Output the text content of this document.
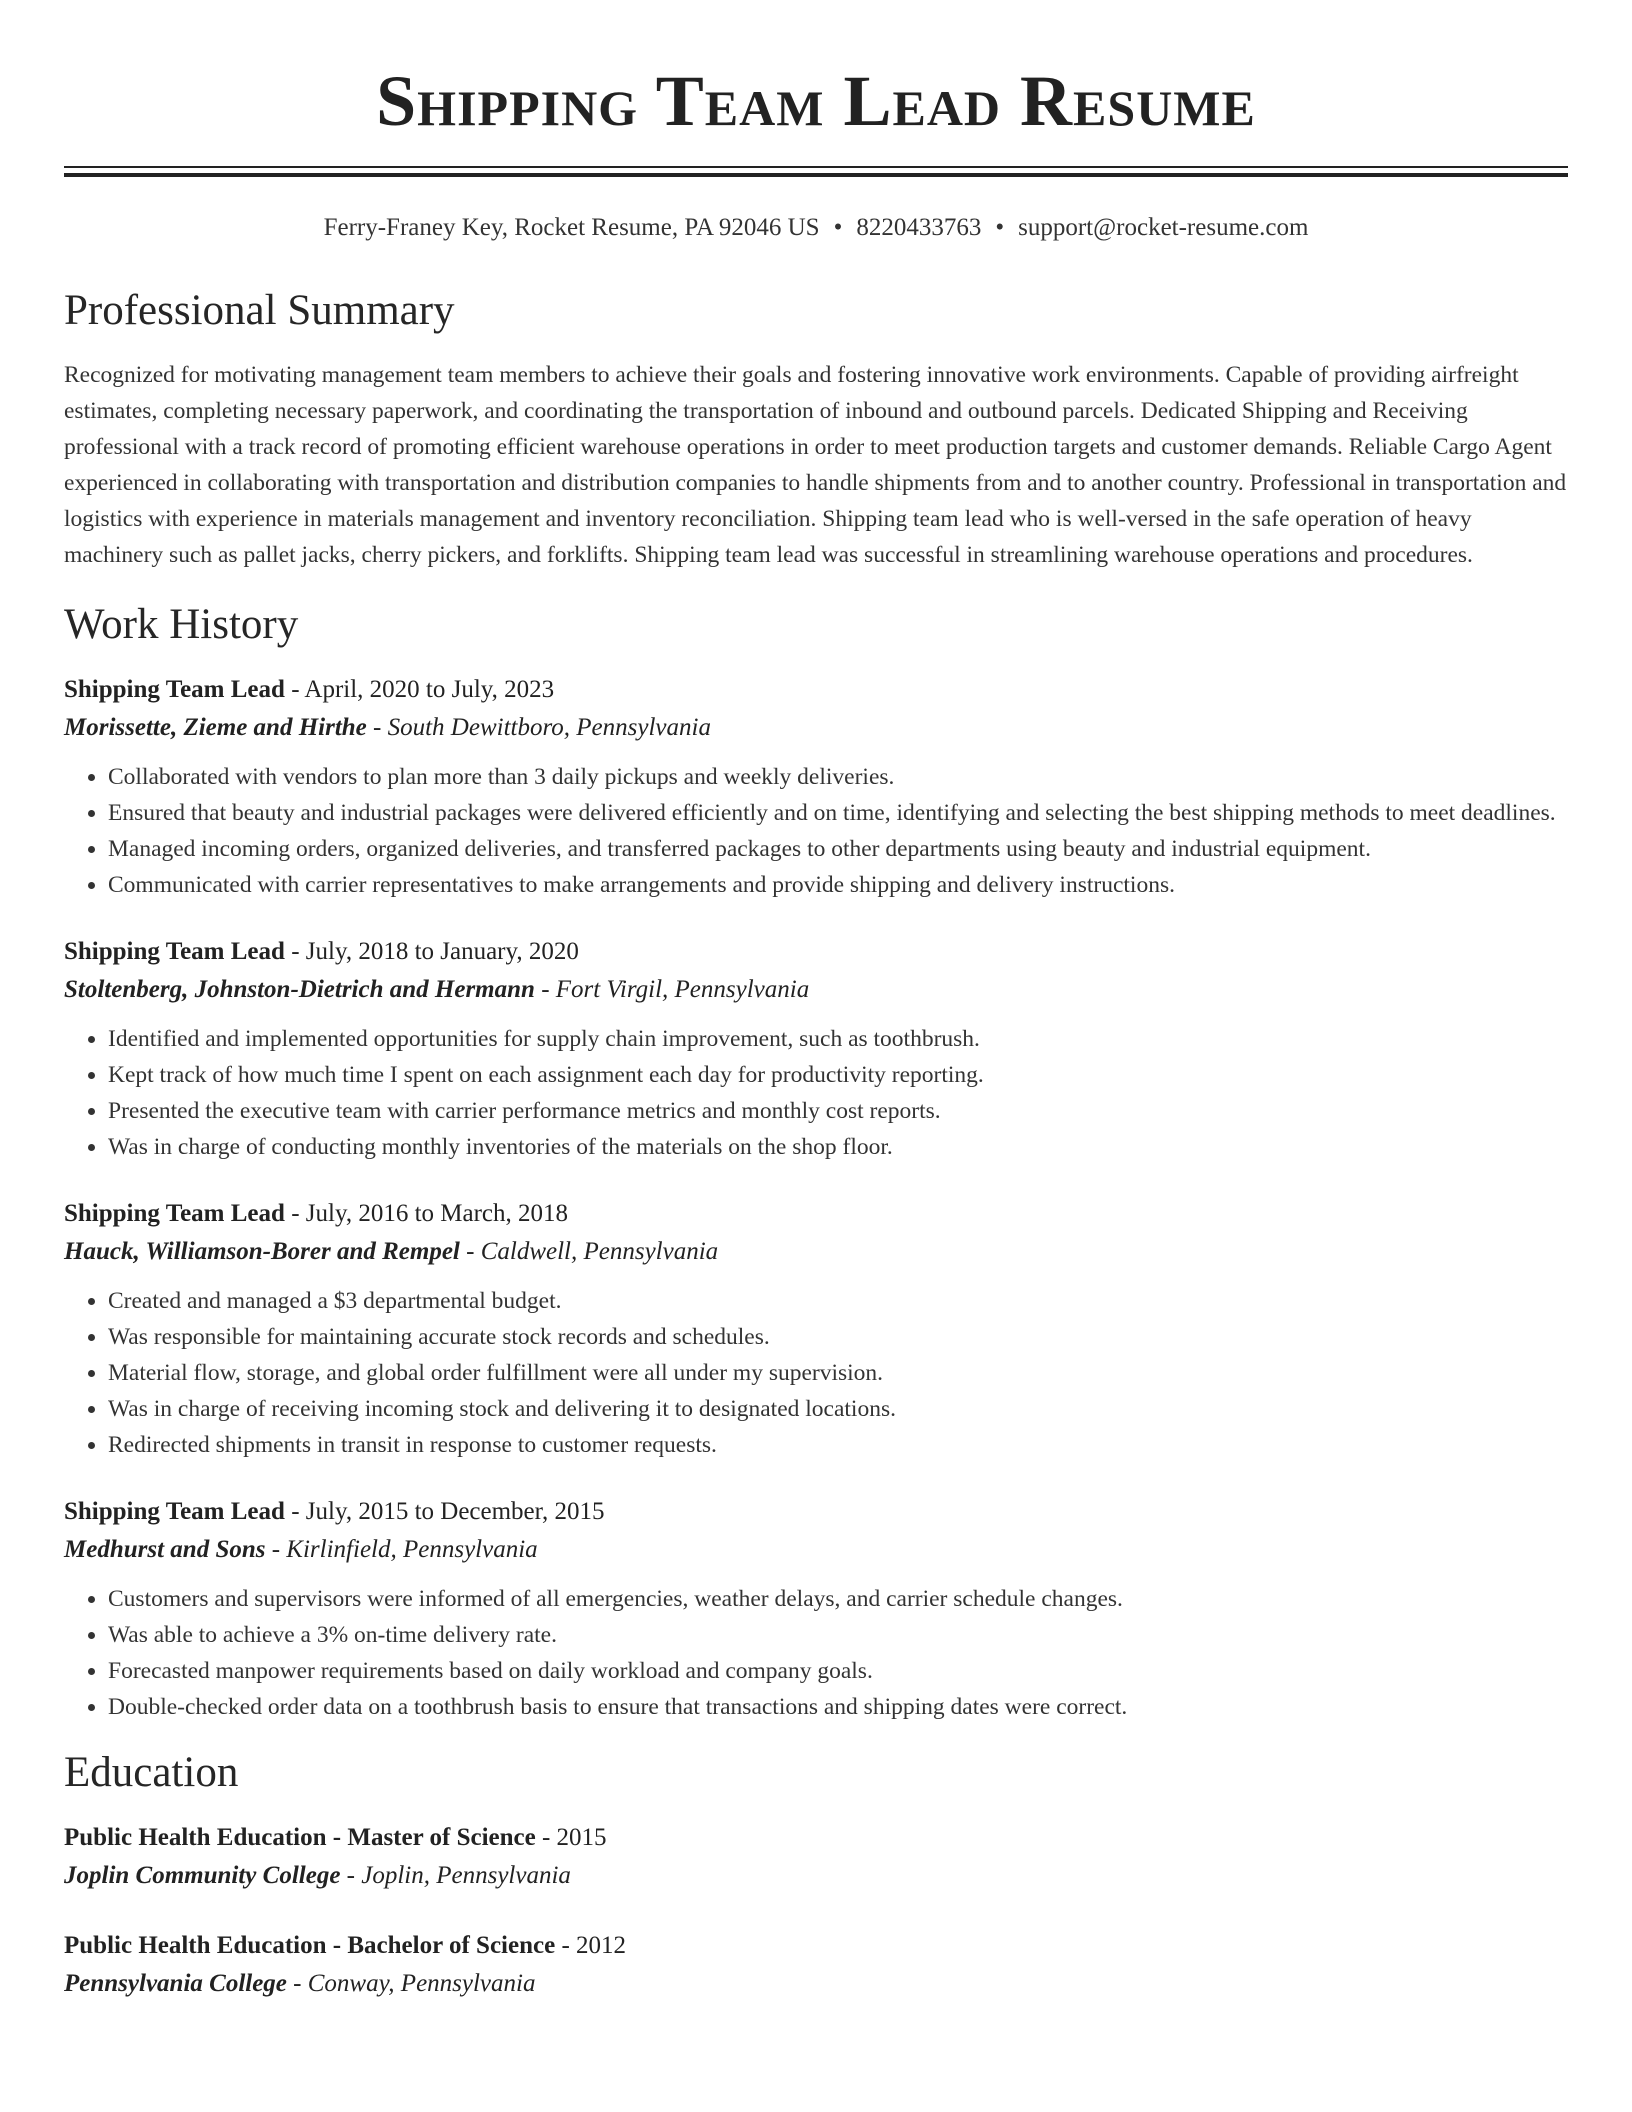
Shipping Team Lead Resume
Ferry-Franey Key, Rocket Resume, PA 92046 US • 8220433763 • support@rocket-resume.com
Professional Summary

Recognized for motivating management team members to achieve their goals and fostering innovative work environments. Capable of providing airfreight estimates, completing necessary paperwork, and coordinating the transportation of inbound and outbound parcels. Dedicated Shipping and Receiving professional with a track record of promoting efficient warehouse operations in order to meet production targets and customer demands. Reliable Cargo Agent experienced in collaborating with transportation and distribution companies to handle shipments from and to another country. Professional in transportation and logistics with experience in materials management and inventory reconciliation. Shipping team lead who is well-versed in the safe operation of heavy machinery such as pallet jacks, cherry pickers, and forklifts. Shipping team lead was successful in streamlining warehouse operations and procedures.

Work History
Shipping Team Lead - April, 2020 to July, 2023
Morissette, Zieme and Hirthe - South Dewittboro, Pennsylvania
• Collaborated with vendors to plan more than 3 daily pickups and weekly deliveries.
• Ensured that beauty and industrial packages were delivered efficiently and on time, identifying and selecting the best shipping methods to meet deadlines.
• Managed incoming orders, organized deliveries, and transferred packages to other departments using beauty and industrial equipment.
• Communicated with carrier representatives to make arrangements and provide shipping and delivery instructions.
Shipping Team Lead - July, 2018 to January, 2020
Stoltenberg, Johnston-Dietrich and Hermann - Fort Virgil, Pennsylvania
• Identified and implemented opportunities for supply chain improvement, such as toothbrush.
• Kept track of how much time I spent on each assignment each day for productivity reporting.
• Presented the executive team with carrier performance metrics and monthly cost reports.
• Was in charge of conducting monthly inventories of the materials on the shop floor.
Shipping Team Lead - July, 2016 to March, 2018
Hauck, Williamson-Borer and Rempel - Caldwell, Pennsylvania
• Created and managed a $3 departmental budget.
• Was responsible for maintaining accurate stock records and schedules.
• Material flow, storage, and global order fulfillment were all under my supervision.
• Was in charge of receiving incoming stock and delivering it to designated locations.
• Redirected shipments in transit in response to customer requests.
Shipping Team Lead - July, 2015 to December, 2015
Medhurst and Sons - Kirlinfield, Pennsylvania
• Customers and supervisors were informed of all emergencies, weather delays, and carrier schedule changes.
• Was able to achieve a 3% on-time delivery rate.
• Forecasted manpower requirements based on daily workload and company goals.
• Double-checked order data on a toothbrush basis to ensure that transactions and shipping dates were correct.
Education
Public Health Education - Master of Science - 2015
Joplin Community College - Joplin, Pennsylvania
Public Health Education - Bachelor of Science - 2012
Pennsylvania College - Conway, Pennsylvania
